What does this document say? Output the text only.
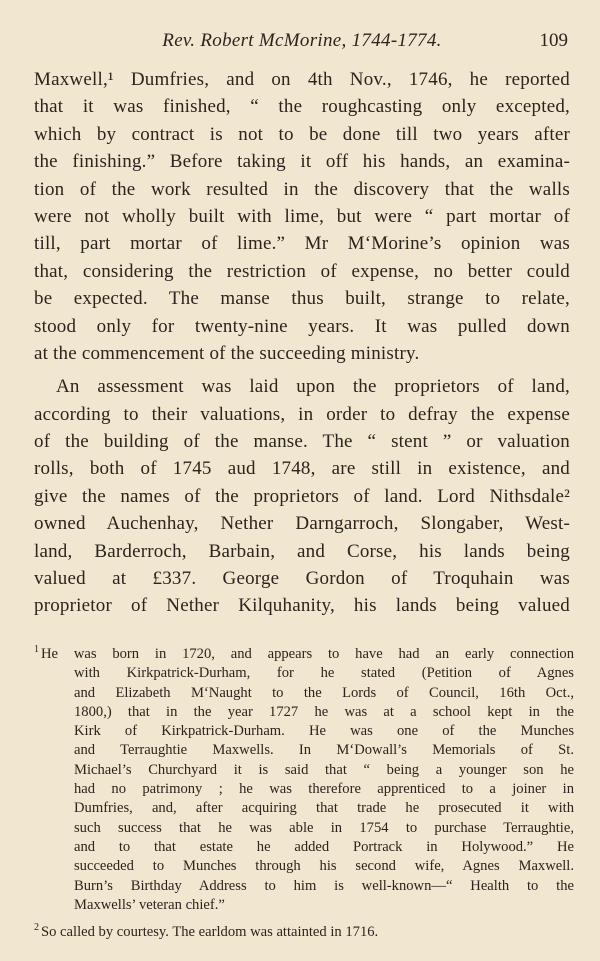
Rev. Robert McMorine, 1744-1774.	109
Maxwell,¹ Dumfries, and on 4th Nov., 1746, he reported
that it was finished, “ the roughcasting only excepted,
which by contract is not to be done till two years after
the finishing.” Before taking it off his hands, an examina-
tion of the work resulted in the discovery that the walls
were not wholly built with lime, but were “ part mortar of
till, part mortar of lime.” Mr M‘Morine’s opinion was
that, considering the restriction of expense, no better could
be expected. The manse thus built, strange to relate,
stood only for twenty-nine years. It was pulled down
at the commencement of the succeeding ministry.
An assessment was laid upon the proprietors of land,
according to their valuations, in order to defray the expense
of the building of the manse. The “ stent ” or valuation
rolls, both of 1745 aud 1748, are still in existence, and
give the names of the proprietors of land. Lord Nithsdale²
owned Auchenhay, Nether Darngarroch, Slongaber, West-
land, Barderroch, Barbain, and Corse, his lands being
valued at £337. George Gordon of Troquhain was
proprietor of Nether Kilquhanity, his lands being valued
$^1$ He was born in 1720, and appears to have had an early connection
with Kirkpatrick-Durham, for he stated (Petition of Agnes
and Elizabeth M‘Naught to the Lords of Council, 16th Oct.,
1800,) that in the year 1727 he was at a school kept in the
Kirk of Kirkpatrick-Durham. He was one of the Munches
and Terraughtie Maxwells. In M‘Dowall’s Memorials of St.
Michael’s Churchyard it is said that “ being a younger son he
had no patrimony ; he was therefore apprenticed to a joiner in
Dumfries, and, after acquiring that trade he prosecuted it with
such success that he was able in 1754 to purchase Terraughtie,
and to that estate he added Portrack in Holywood.” He
succeeded to Munches through his second wife, Agnes Maxwell.
Burn’s Birthday Address to him is well-known—“ Health to the
Maxwells’ veteran chief.”
$^2$ So called by courtesy. The earldom was attainted in 1716.
